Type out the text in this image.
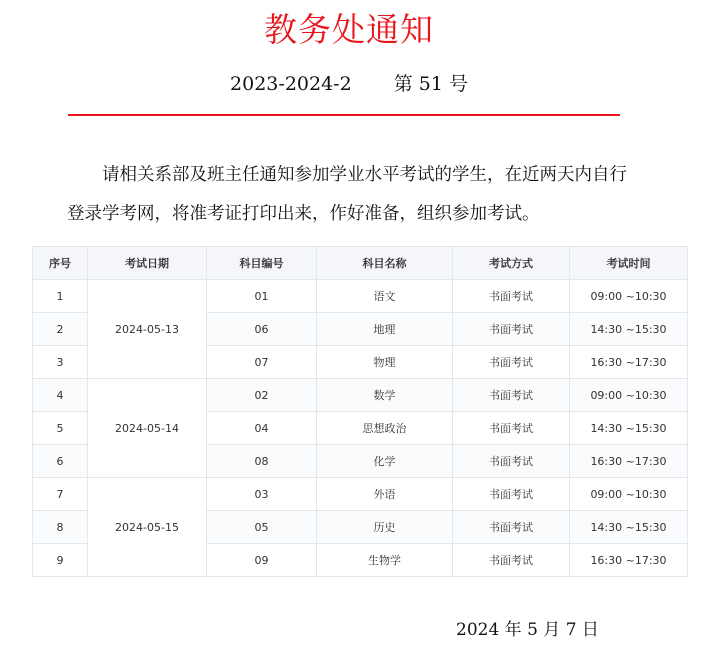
教务处通知
2023-2024-2 第 51 号

请相关系部及班主任通知参加学业水平考试的学生，在近两天内自行登录学考网，将准考证打印出来，作好准备，组织参加考试。

序号	考试日期	科目编号	科目名称	考试方式	考试时间
1	2024-05-13	01	语文	书面考试	09:00 ~10:30
2		06	地理	书面考试	14:30 ~15:30
3		07	物理	书面考试	16:30 ~17:30
4	2024-05-14	02	数学	书面考试	09:00 ~10:30
5		04	思想政治	书面考试	14:30 ~15:30
6		08	化学	书面考试	16:30 ~17:30
7	2024-05-15	03	外语	书面考试	09:00 ~10:30
8		05	历史	书面考试	14:30 ~15:30
9		09	生物学	书面考试	16:30 ~17:30
2024 年 5 月 7 日
